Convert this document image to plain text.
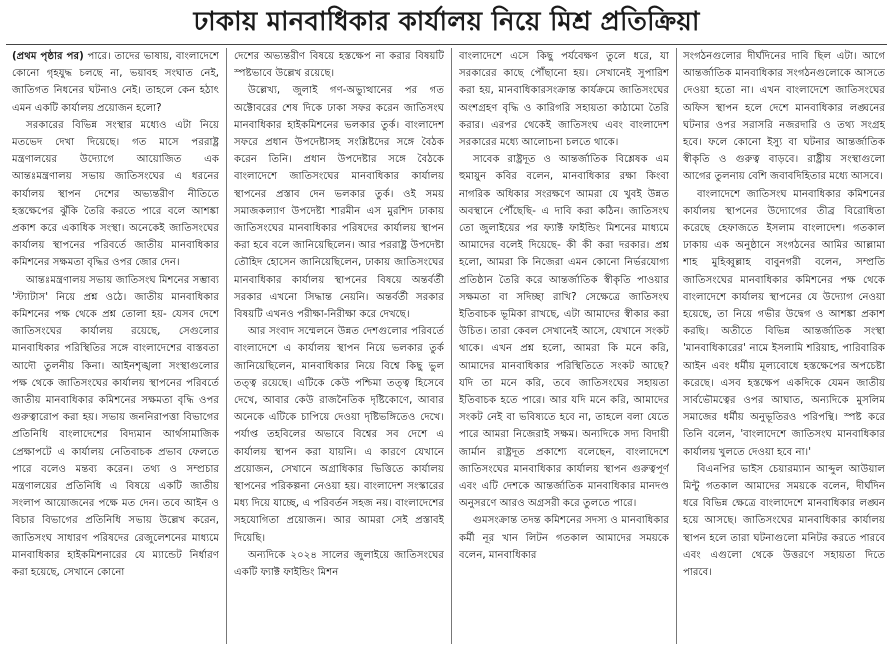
ঢাকায় মানবাধিকার কার্যালয় নিয়ে মিশ্র প্রতিক্রিয়া

(প্রথম পৃষ্ঠার পর) পারে। তাদের ভাষায়, বাংলাদেশে কোনো গৃহযুদ্ধ চলছে না, ভয়াবহ সংঘাত নেই, জাতিগত নিধনের ঘটনাও নেই। তাহলে কেন হঠাৎ এমন একটি কার্যালয় প্রয়োজন হলো?

সরকারের বিভিন্ন সংস্থার মধ্যেও এটা নিয়ে মতভেদ দেখা দিয়েছে। গত মাসে পররাষ্ট্র মন্ত্রণালয়ের উদ্যোগে আয়োজিত এক আন্তঃমন্ত্রণালয় সভায় জাতিসংঘের এ ধরনের কার্যালয় স্থাপন দেশের অভ্যন্তরীণ নীতিতে হস্তক্ষেপের ঝুঁকি তৈরি করতে পারে বলে আশঙ্কা প্রকাশ করে একাধিক সংস্থা। অনেকেই জাতিসংঘের কার্যালয় স্থাপনের পরিবর্তে জাতীয় মানবাধিকার কমিশনের সক্ষমতা বৃদ্ধির ওপর জোর দেন।

আন্তঃমন্ত্রণালয় সভায় জাতিসংঘ মিশনের সম্ভাব্য 'স্ট্যাটাস' নিয়ে প্রশ্ন ওঠে। জাতীয় মানবাধিকার কমিশনের পক্ষ থেকে প্রশ্ন তোলা হয়- যেসব দেশে জাতিসংঘের কার্যালয় রয়েছে, সেগুলোর মানবাধিকার পরিস্থিতির সঙ্গে বাংলাদেশের বাস্তবতা আদৌ তুলনীয় কিনা। আইনশৃঙ্খলা সংস্থাগুলোর পক্ষ থেকে জাতিসংঘের কার্যালয় স্থাপনের পরিবর্তে জাতীয় মানবাধিকার কমিশনের সক্ষমতা বৃদ্ধি ওপর গুরুত্বারোপ করা হয়। সভায় জননিরাপত্তা বিভাগের প্রতিনিধি বাংলাদেশের বিদ্যমান আর্থসামাজিক প্রেক্ষাপটে এ কার্যালয় নেতিবাচক প্রভাব ফেলতে পারে বলেও মন্তব্য করেন। তথ্য ও সম্প্রচার মন্ত্রণালয়ের প্রতিনিধি এ বিষয়ে একটি জাতীয় সংলাপ আয়োজনের পক্ষে মত দেন। তবে আইন ও বিচার বিভাগের প্রতিনিধি সভায় উল্লেখ করেন, জাতিসংঘ সাধারণ পরিষদের রেজুলেশনের মাধ্যমে মানবাধিকার হাইকমিশনারের যে ম্যান্ডেট নির্ধারণ করা হয়েছে, সেখানে কোনো

দেশের অভ্যন্তরীণ বিষয়ে হস্তক্ষেপ না করার বিষয়টি স্পষ্টভাবে উল্লেখ রয়েছে।

উল্লেখ্য, জুলাই গণ-অভ্যুত্থানের পর গত অক্টোবরের শেষ দিকে ঢাকা সফর করেন জাতিসংঘ মানবাধিকার হাইকমিশনের ভলকার তুর্ক। বাংলাদেশ সফরে প্রধান উপদেষ্টাসহ সংশ্লিষ্টদের সঙ্গে বৈঠক করেন তিনি। প্রধান উপদেষ্টার সঙ্গে বৈঠকে বাংলাদেশে জাতিসংঘের মানবাধিকার কার্যালয় স্থাপনের প্রস্তাব দেন ভলকার তুর্ক। ওই সময় সমাজকল্যাণ উপদেষ্টা শারমীন এস মুরশিদ ঢাকায় জাতিসংঘের মানবাধিকার পরিষদের কার্যালয় স্থাপন করা হবে বলে জানিয়েছিলেন। আর পররাষ্ট্র উপদেষ্টা তৌহিদ হোসেন জানিয়েছিলেন, ঢাকায় জাতিসংঘের মানবাধিকার কার্যালয় স্থাপনের বিষয়ে অন্তর্বর্তী সরকার এখনো সিদ্ধান্ত নেয়নি। অন্তর্বর্তী সরকার বিষয়টি এখনও পরীক্ষা-নিরীক্ষা করে দেখছে।

আর সংবাদ সম্মেলনে উন্নত দেশগুলোর পরিবর্তে বাংলাদেশে এ কার্যালয় স্থাপন নিয়ে ভলকার তুর্ক জানিয়েছিলেন, মানবাধিকার নিয়ে বিশ্বে কিছু ভুল তত্ত্ব রয়েছে। এটিকে কেউ পশ্চিমা তত্ত্ব হিসেবে দেখে, আবার কেউ রাজনৈতিক দৃষ্টিকোণে, আবার অনেকে এটিকে চাপিয়ে দেওয়া দৃষ্টিভঙ্গিতেও দেখে। পর্যাপ্ত তহবিলের অভাবে বিশ্বের সব দেশে এ কার্যালয় স্থাপন করা যায়নি। এ কারণে যেখানে প্রয়োজন, সেখানে অগ্রাধিকার ভিত্তিতে কার্যালয় স্থাপনের পরিকল্পনা নেওয়া হয়। বাংলাদেশ সংস্কারের মধ্য দিয়ে যাচ্ছে, এ পরিবর্তন সহজ নয়। বাংলাদেশের সহযোগিতা প্রয়োজন। আর আমরা সেই প্রস্তাবই দিয়েছি।

অন্যদিকে ২০২৪ সালের জুলাইয়ে জাতিসংঘের একটি ফ্যাক্ট ফাইন্ডিং মিশন

বাংলাদেশে এসে কিছু পর্যবেক্ষণ তুলে ধরে, যা সরকারের কাছে পৌঁছানো হয়। সেখানেই সুপারিশ করা হয়, মানবাধিকারসংক্রান্ত কার্যক্রমে জাতিসংঘের অংশগ্রহণ বৃদ্ধি ও কারিগরি সহায়তা কাঠামো তৈরি করার। এরপর থেকেই জাতিসংঘ এবং বাংলাদেশ সরকারের মধ্যে আলোচনা চলতে থাকে।

সাবেক রাষ্ট্রদূত ও আন্তর্জাতিক বিশ্লেষক এম হুমায়ুন কবির বলেন, মানবাধিকার রক্ষা কিংবা নাগরিক অধিকার সংরক্ষণে আমরা যে খুবই উন্নত অবস্থানে পৌঁছেছি- এ দাবি করা কঠিন। জাতিসংঘ তো জুলাইয়ের পর ফ্যাক্ট ফাইন্ডিং মিশনের মাধ্যমে আমাদের বলেই দিয়েছে- কী কী করা দরকার। প্রশ্ন হলো, আমরা কি নিজেরা এমন কোনো নির্ভরযোগ্য প্রতিষ্ঠান তৈরি করে আন্তর্জাতিক স্বীকৃতি পাওয়ার সক্ষমতা বা সদিচ্ছা রাখি? সেক্ষেত্রে জাতিসংঘ ইতিবাচক ভূমিকা রাখছে, এটা আমাদের স্বীকার করা উচিত। তারা কেবল সেখানেই আসে, যেখানে সংকট থাকে। এখন প্রশ্ন হলো, আমরা কি মনে করি, আমাদের মানবাধিকার পরিস্থিতিতে সংকট আছে? যদি তা মনে করি, তবে জাতিসংঘের সহায়তা ইতিবাচক হতে পারে। আর যদি মনে করি, আমাদের সংকট নেই বা ভবিষ্যতে হবে না, তাহলে বলা যেতে পারে আমরা নিজেরাই সক্ষম। অন্যদিকে সদ্য বিদায়ী জার্মান রাষ্ট্রদূত প্রকাশ্যে বলেছেন, বাংলাদেশে জাতিসংঘের মানবাধিকার কার্যালয় স্থাপন গুরুত্বপূর্ণ এবং এটি দেশকে আন্তর্জাতিক মানবাধিকার মানদণ্ড অনুসরণে আরও অগ্রসরী করে তুলতে পারে।

গুমসংক্রান্ত তদন্ত কমিশনের সদস্য ও মানবাধিকার কর্মী নূর খান লিটন গতকাল আমাদের সময়কে বলেন, মানবাধিকার

সংগঠনগুলোর দীর্ঘদিনের দাবি ছিল এটা। আগে আন্তর্জাতিক মানবাধিকার সংগঠনগুলোকে আসতে দেওয়া হতো না। এখন বাংলাদেশে জাতিসংঘের অফিস স্থাপন হলে দেশে মানবাধিকার লঙ্ঘনের ঘটনার ওপর সরাসরি নজরদারি ও তথ্য সংগ্রহ হবে। ফলে কোনো ইস্যু বা ঘটনার আন্তর্জাতিক স্বীকৃতি ও গুরুত্ব বাড়বে। রাষ্ট্রীয় সংস্থাগুলো আগের তুলনায় বেশি জবাবদিহিতার মধ্যে আসবে।

বাংলাদেশে জাতিসংঘ মানবাধিকার কমিশনের কার্যালয় স্থাপনের উদ্যোগের তীব্র বিরোধিতা করেছে হেফাজতে ইসলাম বাংলাদেশ। গতকাল ঢাকায় এক অনুষ্ঠানে সংগঠনের আমির আল্লামা শাহ মুহিব্বুল্লাহ বাবুনগরী বলেন, সম্প্রতি জাতিসংঘের মানবাধিকার কমিশনের পক্ষ থেকে বাংলাদেশে কার্যালয় স্থাপনের যে উদ্যোগ নেওয়া হয়েছে, তা নিয়ে গভীর উদ্বেগ ও আশঙ্কা প্রকাশ করছি। অতীতে বিভিন্ন আন্তর্জাতিক সংস্থা 'মানবাধিকারের' নামে ইসলামি শরিয়াহ, পারিবারিক আইন এবং ধর্মীয় মূল্যবোধে হস্তক্ষেপের অপচেষ্টা করেছে। এসব হস্তক্ষেপ একদিকে যেমন জাতীয় সার্বভৌমত্বের ওপর আঘাত, অন্যদিকে মুসলিম সমাজের ধর্মীয় অনুভূতিরও পরিপন্থি। স্পষ্ট করে তিনি বলেন, 'বাংলাদেশে জাতিসংঘ মানবাধিকার কার্যালয় খুলতে দেওয়া হবে না।'

বিএনপির ভাইস চেয়ারম্যান আব্দুল আউয়াল মিন্টু গতকাল আমাদের সময়কে বলেন, দীর্ঘদিন ধরে বিভিন্ন ক্ষেত্রে বাংলাদেশে মানবাধিকার লঙ্ঘন হয়ে আসছে। জাতিসংঘের মানবাধিকার কার্যালয় স্থাপন হলে তারা ঘটনাগুলো মনিটর করতে পারবে এবং এগুলো থেকে উত্তরণে সহায়তা দিতে পারবে।
